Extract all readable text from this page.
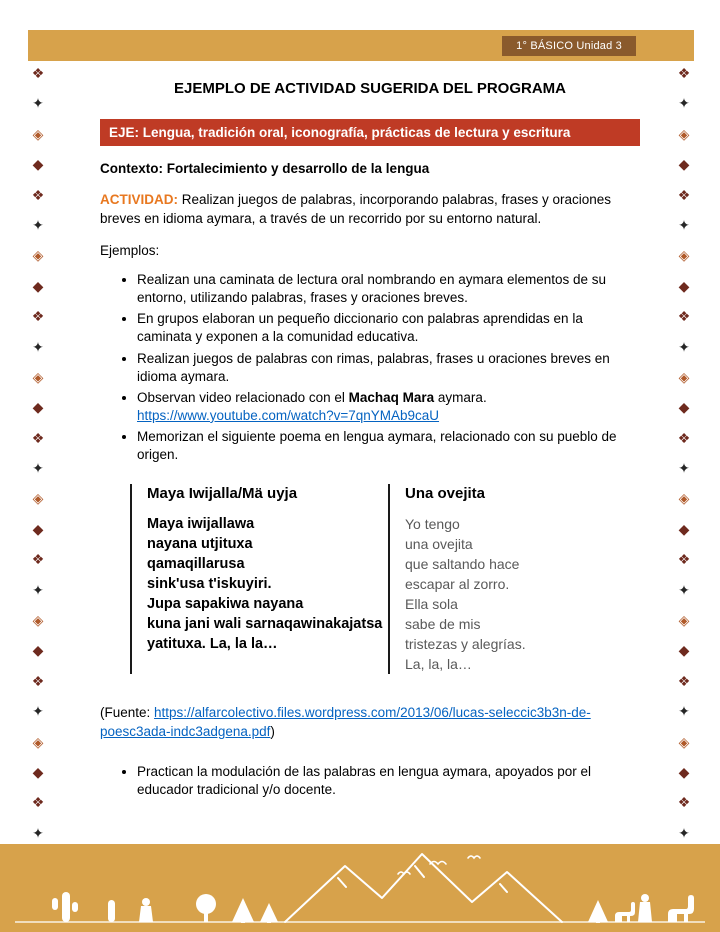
1° BÁSICO Unidad 3
❖
✦
◈
◆
❖
✦
◈
◆
❖
✦
◈
◆
❖
✦
◈
◆
❖
✦
◈
◆
❖
✦
◈
◆
❖
✦
❖
✦
◈
◆
❖
✦
◈
◆
❖
✦
◈
◆
❖
✦
◈
◆
❖
✦
◈
◆
❖
✦
◈
◆
❖
✦
EJEMPLO DE ACTIVIDAD SUGERIDA DEL PROGRAMA
EJE: Lengua, tradición oral, iconografía, prácticas de lectura y escritura
Contexto: Fortalecimiento y desarrollo de la lengua

ACTIVIDAD: Realizan juegos de palabras, incorporando palabras, frases y oraciones breves en idioma aymara, a través de un recorrido por su entorno natural.

Ejemplos:
• Realizan una caminata de lectura oral nombrando en aymara elementos de su entorno, utilizando palabras, frases y oraciones breves.
• En grupos elaboran un pequeño diccionario con palabras aprendidas en la caminata y exponen a la comunidad educativa.
• Realizan juegos de palabras con rimas, palabras, frases u oraciones breves en idioma aymara.
• Observan video relacionado con el Machaq Mara aymara.
https://www.youtube.com/watch?v=7qnYMAb9caU
• Memorizan el siguiente poema en lengua aymara, relacionado con su pueblo de origen.
Maya Iwijalla/Mä uyja
Maya iwijallawa
nayana utjituxa
qamaqillarusa
sink'usa t'iskuyiri.
Jupa sapakiwa nayana
kuna jani wali sarnaqawinakajatsa
yatituxa. La, la la…
Una ovejita
Yo tengo
una ovejita
que saltando hace
escapar al zorro.
Ella sola
sabe de mis
tristezas y alegrías.
La, la, la…

(Fuente: https://alfarcolectivo.files.wordpress.com/2013/06/lucas-seleccic3b3n-de-poesc3ada-indc3adgena.pdf)

• Practican la modulación de las palabras en lengua aymara, apoyados por el educador tradicional y/o docente.
